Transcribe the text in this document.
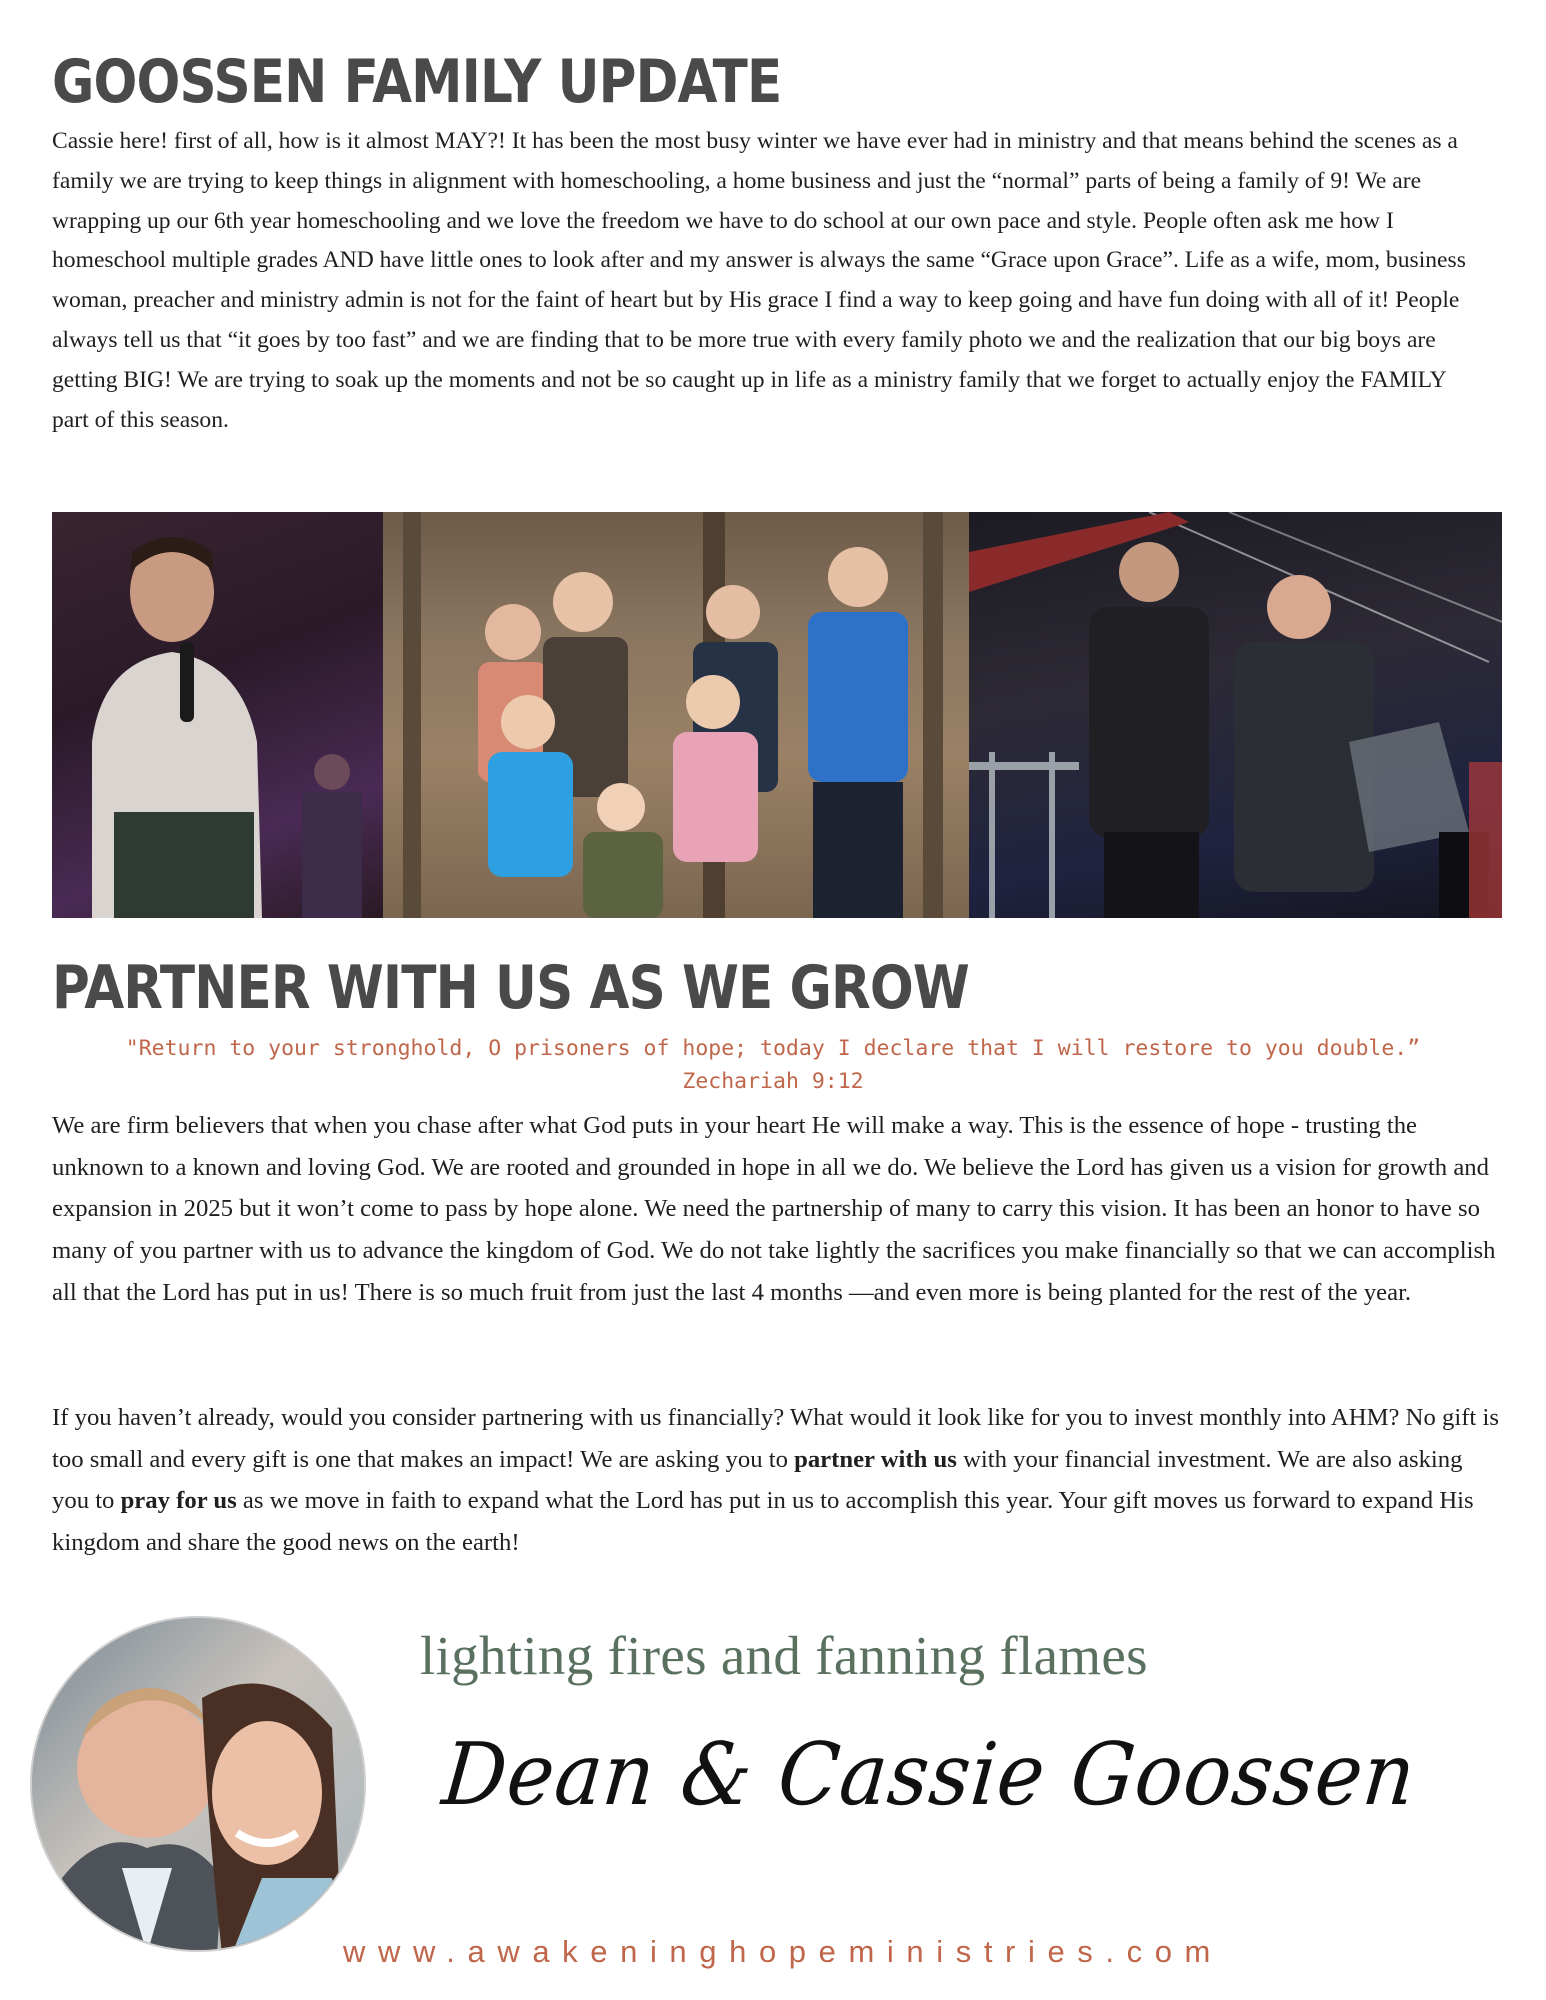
GOOSSEN FAMILY UPDATE

Cassie here! first of all, how is it almost MAY?! It has been the most busy winter we have ever had in ministry and that means behind the scenes as a family we are trying to keep things in alignment with homeschooling, a home business and just the “normal” parts of being a family of 9! We are wrapping up our 6th year homeschooling and we love the freedom we have to do school at our own pace and style. People often ask me how I homeschool multiple grades AND have little ones to look after and my answer is always the same “Grace upon Grace”. Life as a wife, mom, business woman, preacher and ministry admin is not for the faint of heart but by His grace I find a way to keep going and have fun doing with all of it! People always tell us that “it goes by too fast” and we are finding that to be more true with every family photo we and the realization that our big boys are getting BIG! We are trying to soak up the moments and not be so caught up in life as a ministry family that we forget to actually enjoy the FAMILY part of this season.

PARTNER WITH US AS WE GROW

"Return to your stronghold, O prisoners of hope; today I declare that I will restore to you double.”

Zechariah 9:12

We are firm believers that when you chase after what God puts in your heart He will make a way. This is the essence of hope - trusting the unknown to a known and loving God. We are rooted and grounded in hope in all we do. We believe the Lord has given us a vision for growth and expansion in 2025 but it won’t come to pass by hope alone. We need the partnership of many to carry this vision. It has been an honor to have so many of you partner with us to advance the kingdom of God. We do not take lightly the sacrifices you make financially so that we can accomplish all that the Lord has put in us! There is so much fruit from just the last 4 months —and even more is being planted for the rest of the year.

If you haven’t already, would you consider partnering with us financially? What would it look like for you to invest monthly into AHM? No gift is too small and every gift is one that makes an impact! We are asking you to partner with us with your financial investment. We are also asking you to pray for us as we move in faith to expand what the Lord has put in us to accomplish this year. Your gift moves us forward to expand His kingdom and share the good news on the earth!

lighting fires and fanning flames

Dean & Cassie Goossen

www.awakeninghopeministries.com
